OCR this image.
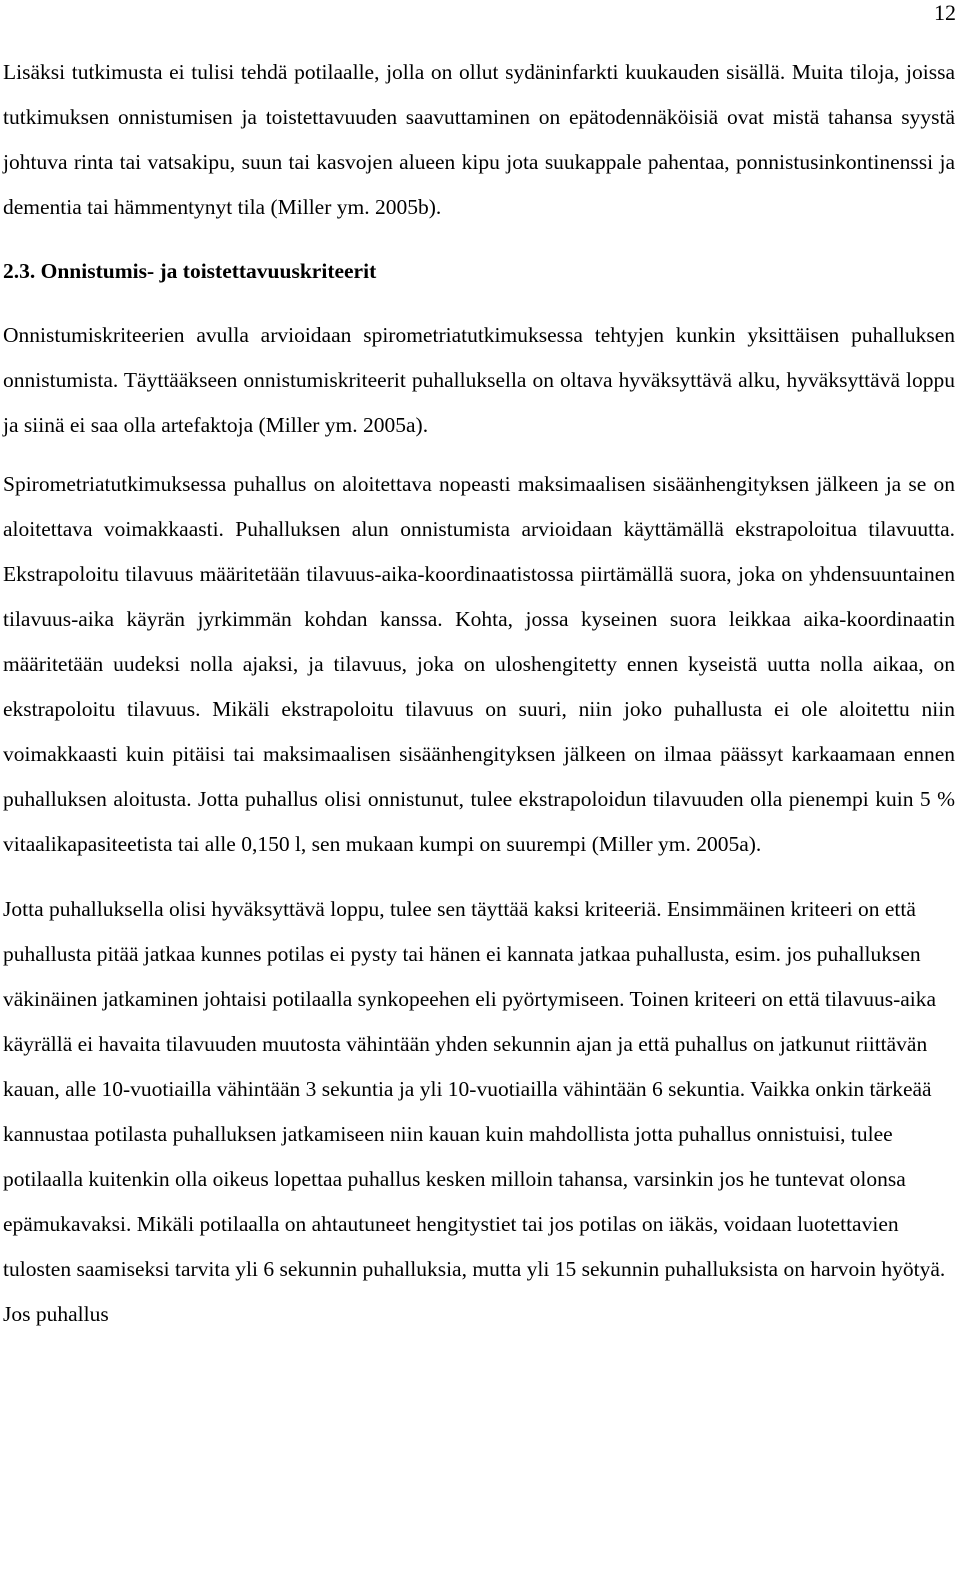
12

Lisäksi tutkimusta ei tulisi tehdä potilaalle, jolla on ollut sydäninfarkti kuukauden sisällä. Muita tiloja, joissa tutkimuksen onnistumisen ja toistettavuuden saavuttaminen on epätodennäköisiä ovat mistä tahansa syystä johtuva rinta tai vatsakipu, suun tai kasvojen alueen kipu jota suukappale pahentaa, ponnistusinkontinenssi ja dementia tai hämmentynyt tila (Miller ym. 2005b).

2.3. Onnistumis- ja toistettavuuskriteerit

Onnistumiskriteerien avulla arvioidaan spirometriatutkimuksessa tehtyjen kunkin yksittäisen puhalluksen onnistumista. Täyttääkseen onnistumiskriteerit puhalluksella on oltava hyväksyttävä alku, hyväksyttävä loppu ja siinä ei saa olla artefaktoja (Miller ym. 2005a).

Spirometriatutkimuksessa puhallus on aloitettava nopeasti maksimaalisen sisäänhengityksen jälkeen ja se on aloitettava voimakkaasti. Puhalluksen alun onnistumista arvioidaan käyttämällä ekstrapoloitua tilavuutta. Ekstrapoloitu tilavuus määritetään tilavuus-aika-koordinaatistossa piirtämällä suora, joka on yhdensuuntainen tilavuus-aika käyrän jyrkimmän kohdan kanssa. Kohta, jossa kyseinen suora leikkaa aika-koordinaatin määritetään uudeksi nolla ajaksi, ja tilavuus, joka on uloshengitetty ennen kyseistä uutta nolla aikaa, on ekstrapoloitu tilavuus. Mikäli ekstrapoloitu tilavuus on suuri, niin joko puhallusta ei ole aloitettu niin voimakkaasti kuin pitäisi tai maksimaalisen sisäänhengityksen jälkeen on ilmaa päässyt karkaamaan ennen puhalluksen aloitusta. Jotta puhallus olisi onnistunut, tulee ekstrapoloidun tilavuuden olla pienempi kuin 5 % vitaalikapasiteetista tai alle 0,150 l, sen mukaan kumpi on suurempi (Miller ym. 2005a).

Jotta puhalluksella olisi hyväksyttävä loppu, tulee sen täyttää kaksi kriteeriä. Ensimmäinen kriteeri on että puhallusta pitää jatkaa kunnes potilas ei pysty tai hänen ei kannata jatkaa puhallusta, esim. jos puhalluksen väkinäinen jatkaminen johtaisi potilaalla synkopeehen eli pyörtymiseen. Toinen kriteeri on että tilavuus-aika käyrällä ei havaita tilavuuden muutosta vähintään yhden sekunnin ajan ja että puhallus on jatkunut riittävän kauan, alle 10-vuotiailla vähintään 3 sekuntia ja yli 10-vuotiailla vähintään 6 sekuntia. Vaikka onkin tärkeää kannustaa potilasta puhalluksen jatkamiseen niin kauan kuin mahdollista jotta puhallus onnistuisi, tulee potilaalla kuitenkin olla oikeus lopettaa puhallus kesken milloin tahansa, varsinkin jos he tuntevat olonsa epämukavaksi. Mikäli potilaalla on ahtautuneet hengitystiet tai jos potilas on iäkäs, voidaan luotettavien tulosten saamiseksi tarvita yli 6 sekunnin puhalluksia, mutta yli 15 sekunnin puhalluksista on harvoin hyötyä. Jos puhallus
